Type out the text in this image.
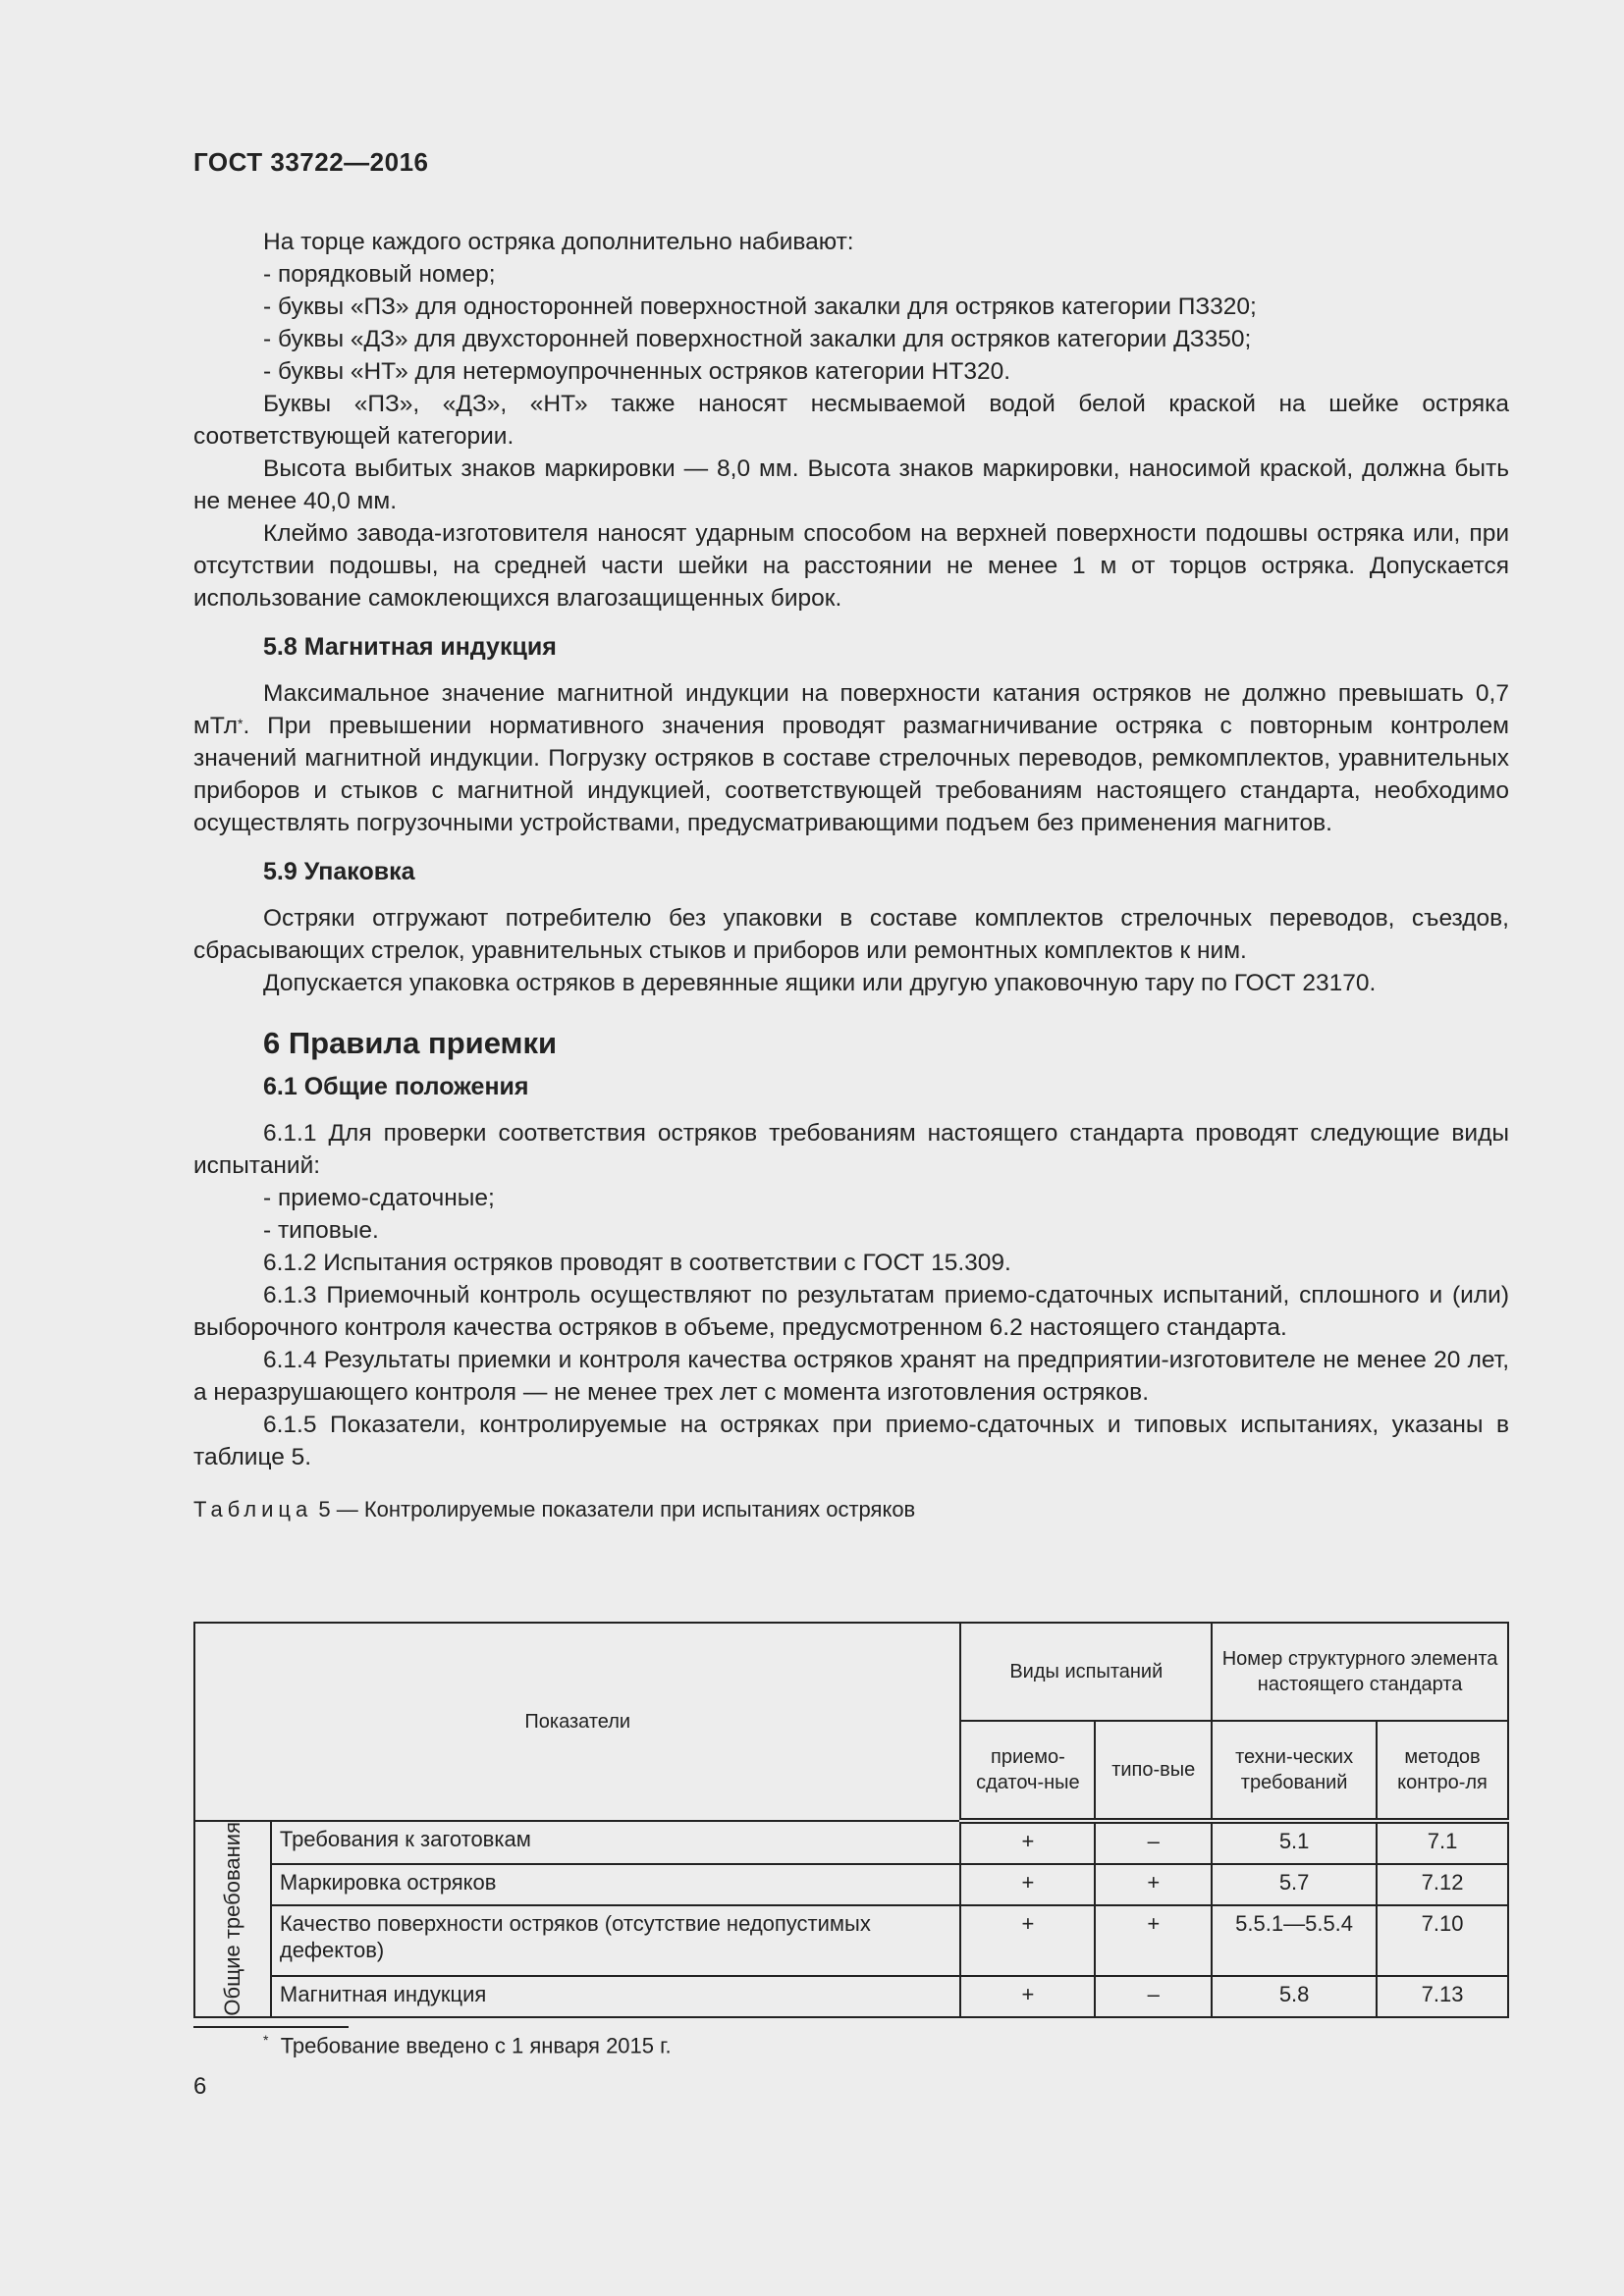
ГОСТ 33722—2016

На торце каждого остряка дополнительно набивают:

- порядковый номер;

- буквы «ПЗ» для односторонней поверхностной закалки для остряков категории ПЗ320;

- буквы «ДЗ» для двухсторонней поверхностной закалки для остряков категории ДЗ350;

- буквы «НТ» для нетермоупрочненных остряков категории НТ320.

Буквы «ПЗ», «ДЗ», «НТ» также наносят несмываемой водой белой краской на шейке остряка соответствующей категории.

Высота выбитых знаков маркировки — 8,0 мм. Высота знаков маркировки, наносимой краской, должна быть не менее 40,0 мм.

Клеймо завода-изготовителя наносят ударным способом на верхней поверхности подошвы остряка или, при отсутствии подошвы, на средней части шейки на расстоянии не менее 1 м от торцов остряка. Допускается использование самоклеющихся влагозащищенных бирок.

5.8 Магнитная индукция

Максимальное значение магнитной индукции на поверхности катания остряков не должно превышать 0,7 мТл*. При превышении нормативного значения проводят размагничивание остряка с повторным контролем значений магнитной индукции. Погрузку остряков в составе стрелочных переводов, ремкомплектов, уравнительных приборов и стыков с магнитной индукцией, соответствующей требованиям настоящего стандарта, необходимо осуществлять погрузочными устройствами, предусматривающими подъем без применения магнитов.

5.9 Упаковка

Остряки отгружают потребителю без упаковки в составе комплектов стрелочных переводов, съездов, сбрасывающих стрелок, уравнительных стыков и приборов или ремонтных комплектов к ним.

Допускается упаковка остряков в деревянные ящики или другую упаковочную тару по ГОСТ 23170.

6 Правила приемки
6.1 Общие положения

6.1.1 Для проверки соответствия остряков требованиям настоящего стандарта проводят следующие виды испытаний:

- приемо-сдаточные;

- типовые.

6.1.2 Испытания остряков проводят в соответствии с ГОСТ 15.309.

6.1.3 Приемочный контроль осуществляют по результатам приемо-сдаточных испытаний, сплошного и (или) выборочного контроля качества остряков в объеме, предусмотренном 6.2 настоящего стандарта.

6.1.4 Результаты приемки и контроля качества остряков хранят на предприятии-изготовителе не менее 20 лет, а неразрушающего контроля — не менее трех лет с момента изготовления остряков.

6.1.5 Показатели, контролируемые на остряках при приемо-сдаточных и типовых испытаниях, указаны в таблице 5.

Таблица 5 — Контролируемые показатели при испытаниях остряков

Показатели		Виды испытаний		Номер структурного элемента настоящего стандарта	
		приемо-сдаточ-ные	типо-вые	техни-ческих требований	методов контро-ля

Общие требования	Требования к заготовкам	+	–	5.1	7.1
	Маркировка остряков	+	+	5.7	7.12
	Качество поверхности остряков (отсутствие недопустимых дефектов)	+	+	5.5.1—5.5.4	7.10
	Магнитная индукция	+	–	5.8	7.13
* Требование введено с 1 января 2015 г.
6
